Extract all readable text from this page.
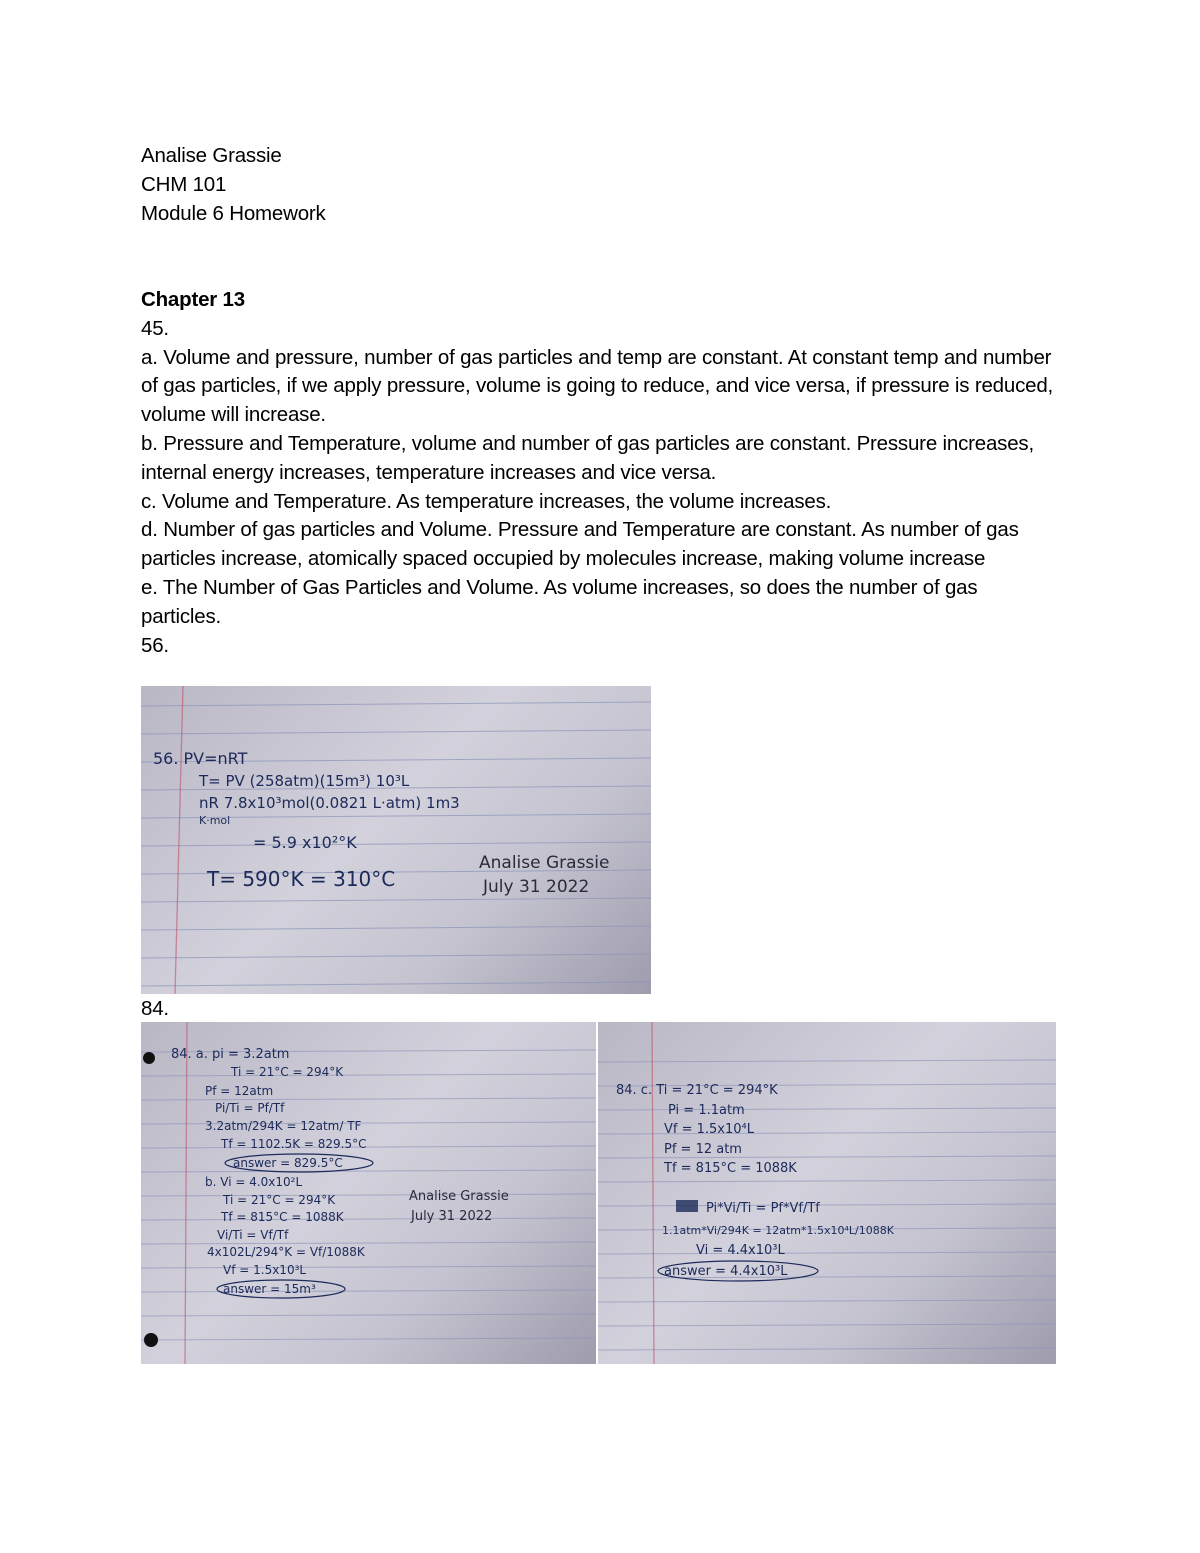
Analise Grassie
CHM 101
Module 6 Homework
Chapter 13
45.

a. Volume and pressure, number of gas particles and temp are constant. At constant temp and number of gas particles, if we apply pressure, volume is going to reduce, and vice versa, if pressure is reduced, volume will increase.

b. Pressure and Temperature, volume and number of gas particles are constant. Pressure increases, internal energy increases, temperature increases and vice versa.

c. Volume and Temperature. As temperature increases, the volume increases.

d. Number of gas particles and Volume. Pressure and Temperature are constant. As number of gas particles increase, atomically spaced occupied by molecules increase, making volume increase

e. The Number of Gas Particles and Volume. As volume increases, so does the number of gas particles.

56.
56. PV=nRT
T= PV (258atm)(15m³) 10³L
nR 7.8x10³mol(0.0821 L·atm) 1m3
K·mol
= 5.9 x10²°K
T= 590°K = 310°C
Analise Grassie
July 31 2022
84.
84. a. pi = 3.2atm
Ti = 21°C = 294°K
Pf = 12atm
Pi/Ti = Pf/Tf
3.2atm/294K = 12atm/ TF
Tf = 1102.5K = 829.5°C
answer = 829.5°C
b. Vi = 4.0x10²L
Ti = 21°C = 294°K
Tf = 815°C = 1088K
Vi/Ti = Vf/Tf
4x102L/294°K = Vf/1088K
Vf = 1.5x10³L
answer = 15m³
Analise Grassie
July 31 2022
84. c. Ti = 21°C = 294°K
Pi = 1.1atm
Vf = 1.5x10⁴L
Pf = 12 atm
Tf = 815°C = 1088K
Pi*Vi/Ti = Pf*Vf/Tf
1.1atm*Vi/294K = 12atm*1.5x10⁴L/1088K
Vi = 4.4x10³L
answer = 4.4x10³L
